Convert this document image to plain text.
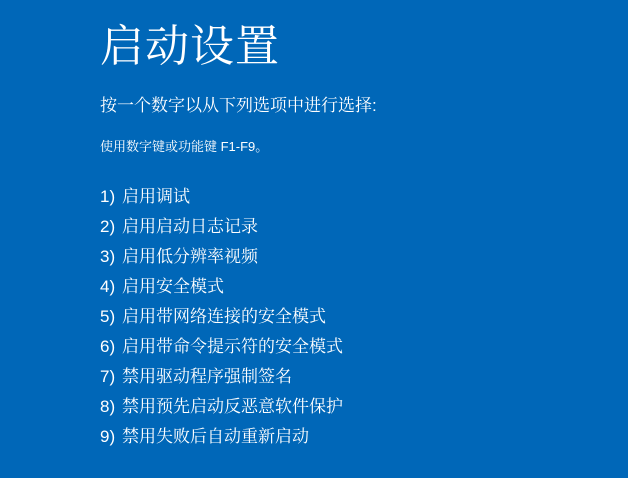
启动设置

按一个数字以从下列选项中进行选择:

使用数字键或功能键 F1-F9。

1) 启用调试
2) 启用启动日志记录
3) 启用低分辨率视频
4) 启用安全模式
5) 启用带网络连接的安全模式
6) 启用带命令提示符的安全模式
7) 禁用驱动程序强制签名
8) 禁用预先启动反恶意软件保护
9) 禁用失败后自动重新启动
